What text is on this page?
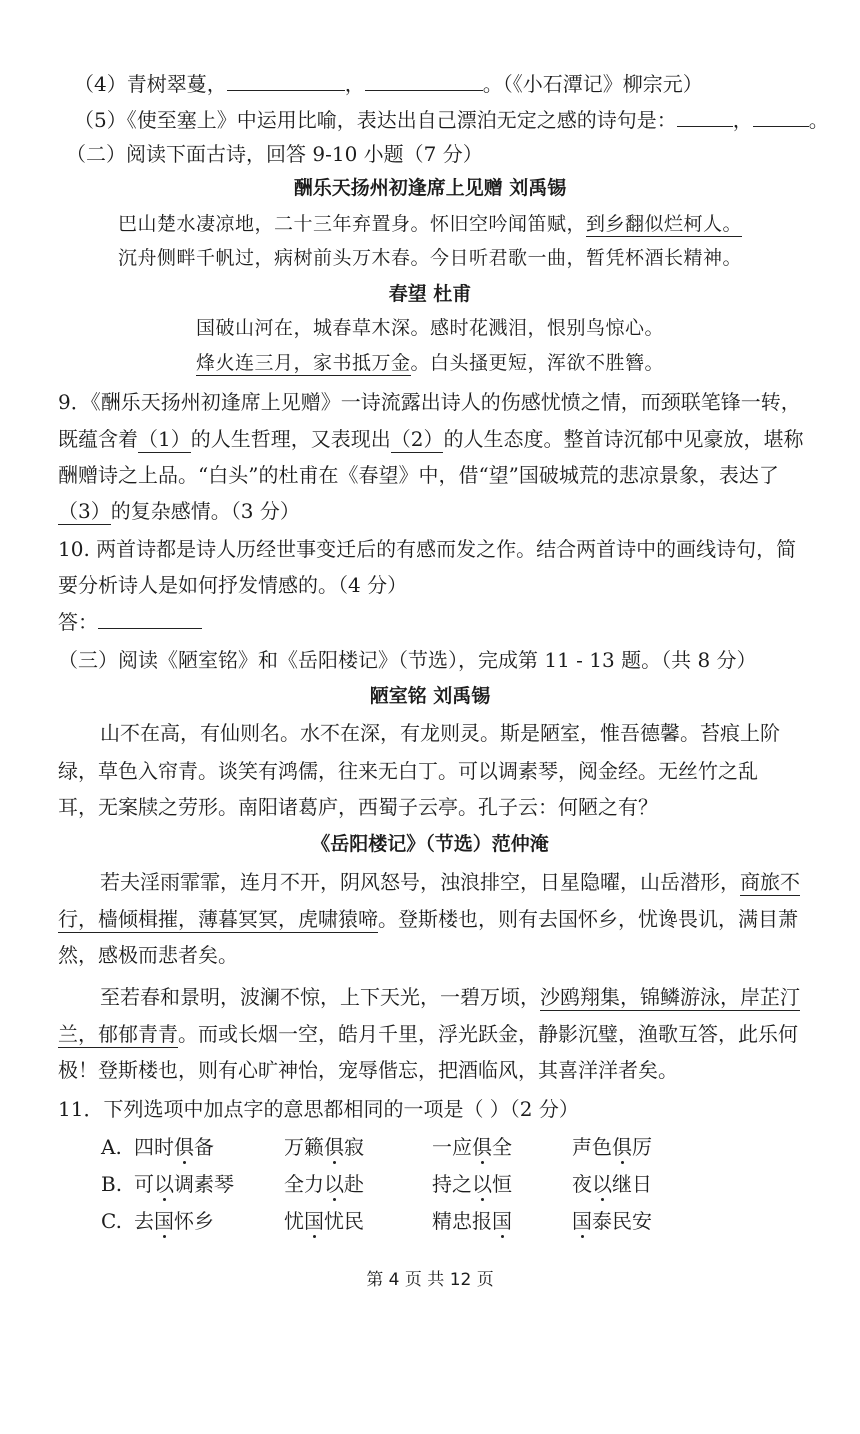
（4）青树翠蔓，	，	。（《小石潭记》柳宗元）
（5）《使至塞上》中运用比喻，表达出自己漂泊无定之感的诗句是：	，	。
（二）阅读下面古诗，回答 9-10 小题（7 分）
酬乐天扬州初逢席上见赠 刘禹锡
巴山楚水凄凉地，二十三年弃置身。怀旧空吟闻笛赋，到乡翻似烂柯人。
沉舟侧畔千帆过，病树前头万木春。今日听君歌一曲，暂凭杯酒长精神。
春望 杜甫
国破山河在，城春草木深。感时花溅泪，恨别鸟惊心。
烽火连三月，家书抵万金。白头搔更短，浑欲不胜簪。
9．《酬乐天扬州初逢席上见赠》一诗流露出诗人的伤感忧愤之情，而颈联笔锋一转，
既蕴含着（1）的人生哲理，又表现出（2）的人生态度。整首诗沉郁中见豪放，堪称
酬赠诗之上品。“白头”的杜甫在《春望》中，借“望”国破城荒的悲凉景象，表达了
（3）的复杂感情。（3 分）
10. 两首诗都是诗人历经世事变迁后的有感而发之作。结合两首诗中的画线诗句，简
要分析诗人是如何抒发情感的。（4 分）
答：
（三）阅读《陋室铭》和《岳阳楼记》（节选），完成第 11 - 13 题。（共 8 分）
陋室铭 刘禹锡
山不在高，有仙则名。水不在深，有龙则灵。斯是陋室，惟吾德馨。苔痕上阶
绿，草色入帘青。谈笑有鸿儒，往来无白丁。可以调素琴，阅金经。无丝竹之乱
耳，无案牍之劳形。南阳诸葛庐，西蜀子云亭。孔子云：何陋之有？
《岳阳楼记》（节选）范仲淹
若夫淫雨霏霏，连月不开，阴风怒号，浊浪排空，日星隐曜，山岳潜形，商旅不
行，樯倾楫摧，薄暮冥冥，虎啸猿啼。登斯楼也，则有去国怀乡，忧谗畏讥，满目萧
然，感极而悲者矣。
至若春和景明，波澜不惊，上下天光，一碧万顷，沙鸥翔集，锦鳞游泳，岸芷汀
兰，郁郁青青。而或长烟一空，皓月千里，浮光跃金，静影沉璧，渔歌互答，此乐何
极！登斯楼也，则有心旷神怡，宠辱偕忘，把酒临风，其喜洋洋者矣。
11．下列选项中加点字的意思都相同的一项是（ ）（2 分）
A. 四时俱备	万籁俱寂	一应俱全	声色俱厉
B. 可以调素琴	全力以赴	持之以恒	夜以继日
C. 去国怀乡	忧国忧民	精忠报国	国泰民安
第 4 页 共 12 页
